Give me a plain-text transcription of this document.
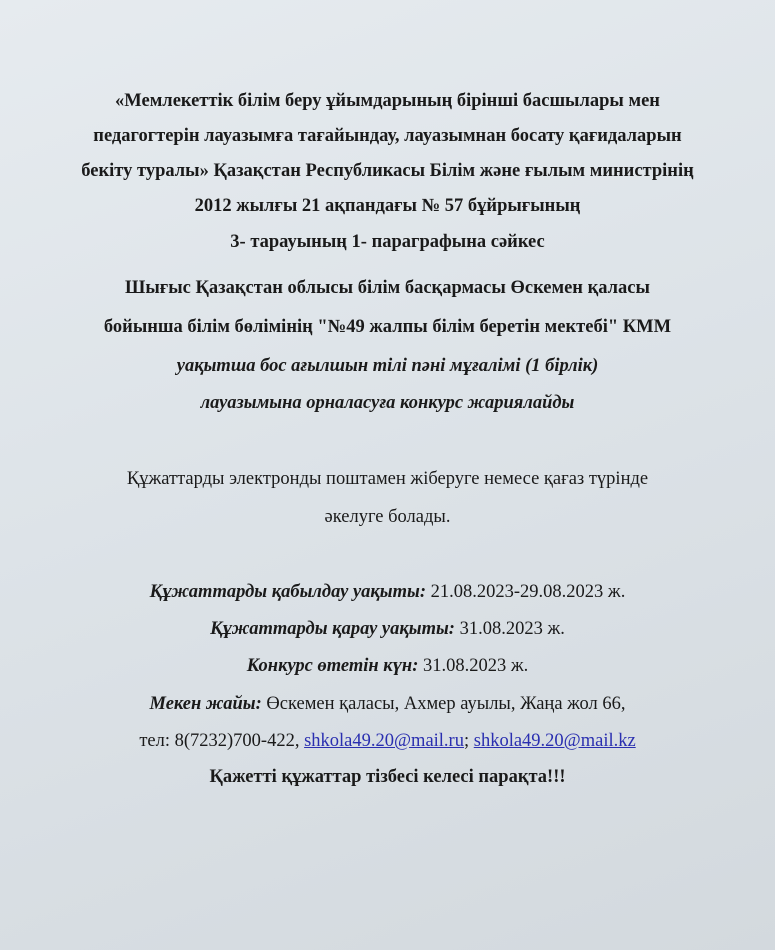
«Мемлекеттік білім беру ұйымдарының бірінші басшылары мен
педагогтерін лауазымға тағайындау, лауазымнан босату қағидаларын
бекіту туралы» Қазақстан Республикасы Білім және ғылым министрінің
2012 жылғы 21 ақпандағы № 57 бұйрығының
3- тарауының 1- параграфына сәйкес
Шығыс Қазақстан облысы білім басқармасы Өскемен қаласы
бойынша білім бөлімінің "№49 жалпы білім беретін мектебі" КММ
уақытша бос ағылшын тілі пәні мұғалімі (1 бірлік)
лауазымына орналасуға конкурс жариялайды
Құжаттарды электронды поштамен жіберуге немесе қағаз түрінде
әкелуге болады.
Құжаттарды қабылдау уақыты: 21.08.2023-29.08.2023 ж.
Құжаттарды қарау уақыты: 31.08.2023 ж.
Конкурс өтетін күн: 31.08.2023 ж.
Мекен жайы: Өскемен қаласы, Ахмер ауылы, Жаңа жол 66,
тел: 8(7232)700-422, shkola49.20@mail.ru; shkola49.20@mail.kz
Қажетті құжаттар тізбесі келесі парақта!!!
